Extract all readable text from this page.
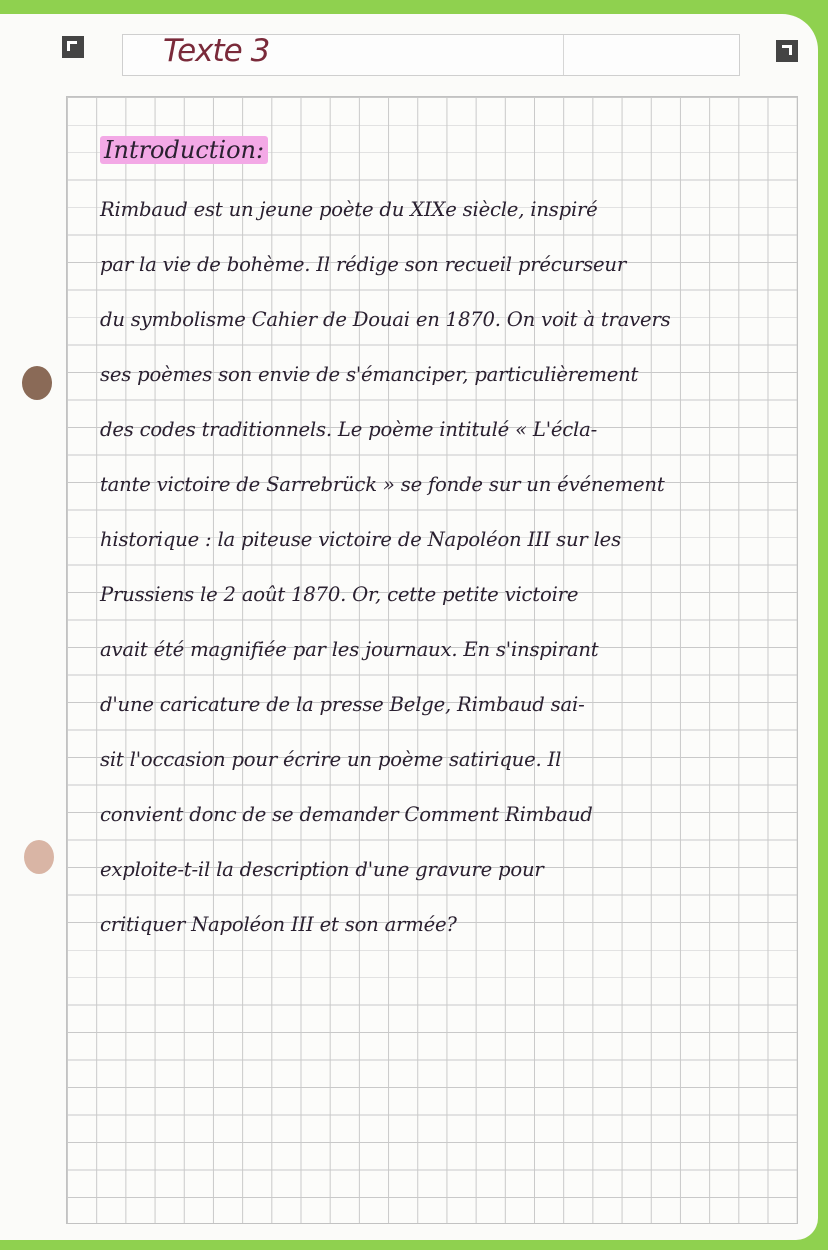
Texte 3
Introduction:

Rimbaud est un jeune poète du XIXe siècle, inspiré

par la vie de bohème. Il rédige son recueil précurseur

du symbolisme Cahier de Douai en 1870. On voit à travers

ses poèmes son envie de s'émanciper, particulièrement

des codes traditionnels. Le poème intitulé « L'écla-

tante victoire de Sarrebrück » se fonde sur un événement

historique : la piteuse victoire de Napoléon III sur les

Prussiens le 2 août 1870. Or, cette petite victoire

avait été magnifiée par les journaux. En s'inspirant

d'une caricature de la presse Belge, Rimbaud sai-

sit l'occasion pour écrire un poème satirique. Il

convient donc de se demander Comment Rimbaud

exploite-t-il la description d'une gravure pour

critiquer Napoléon III et son armée?
